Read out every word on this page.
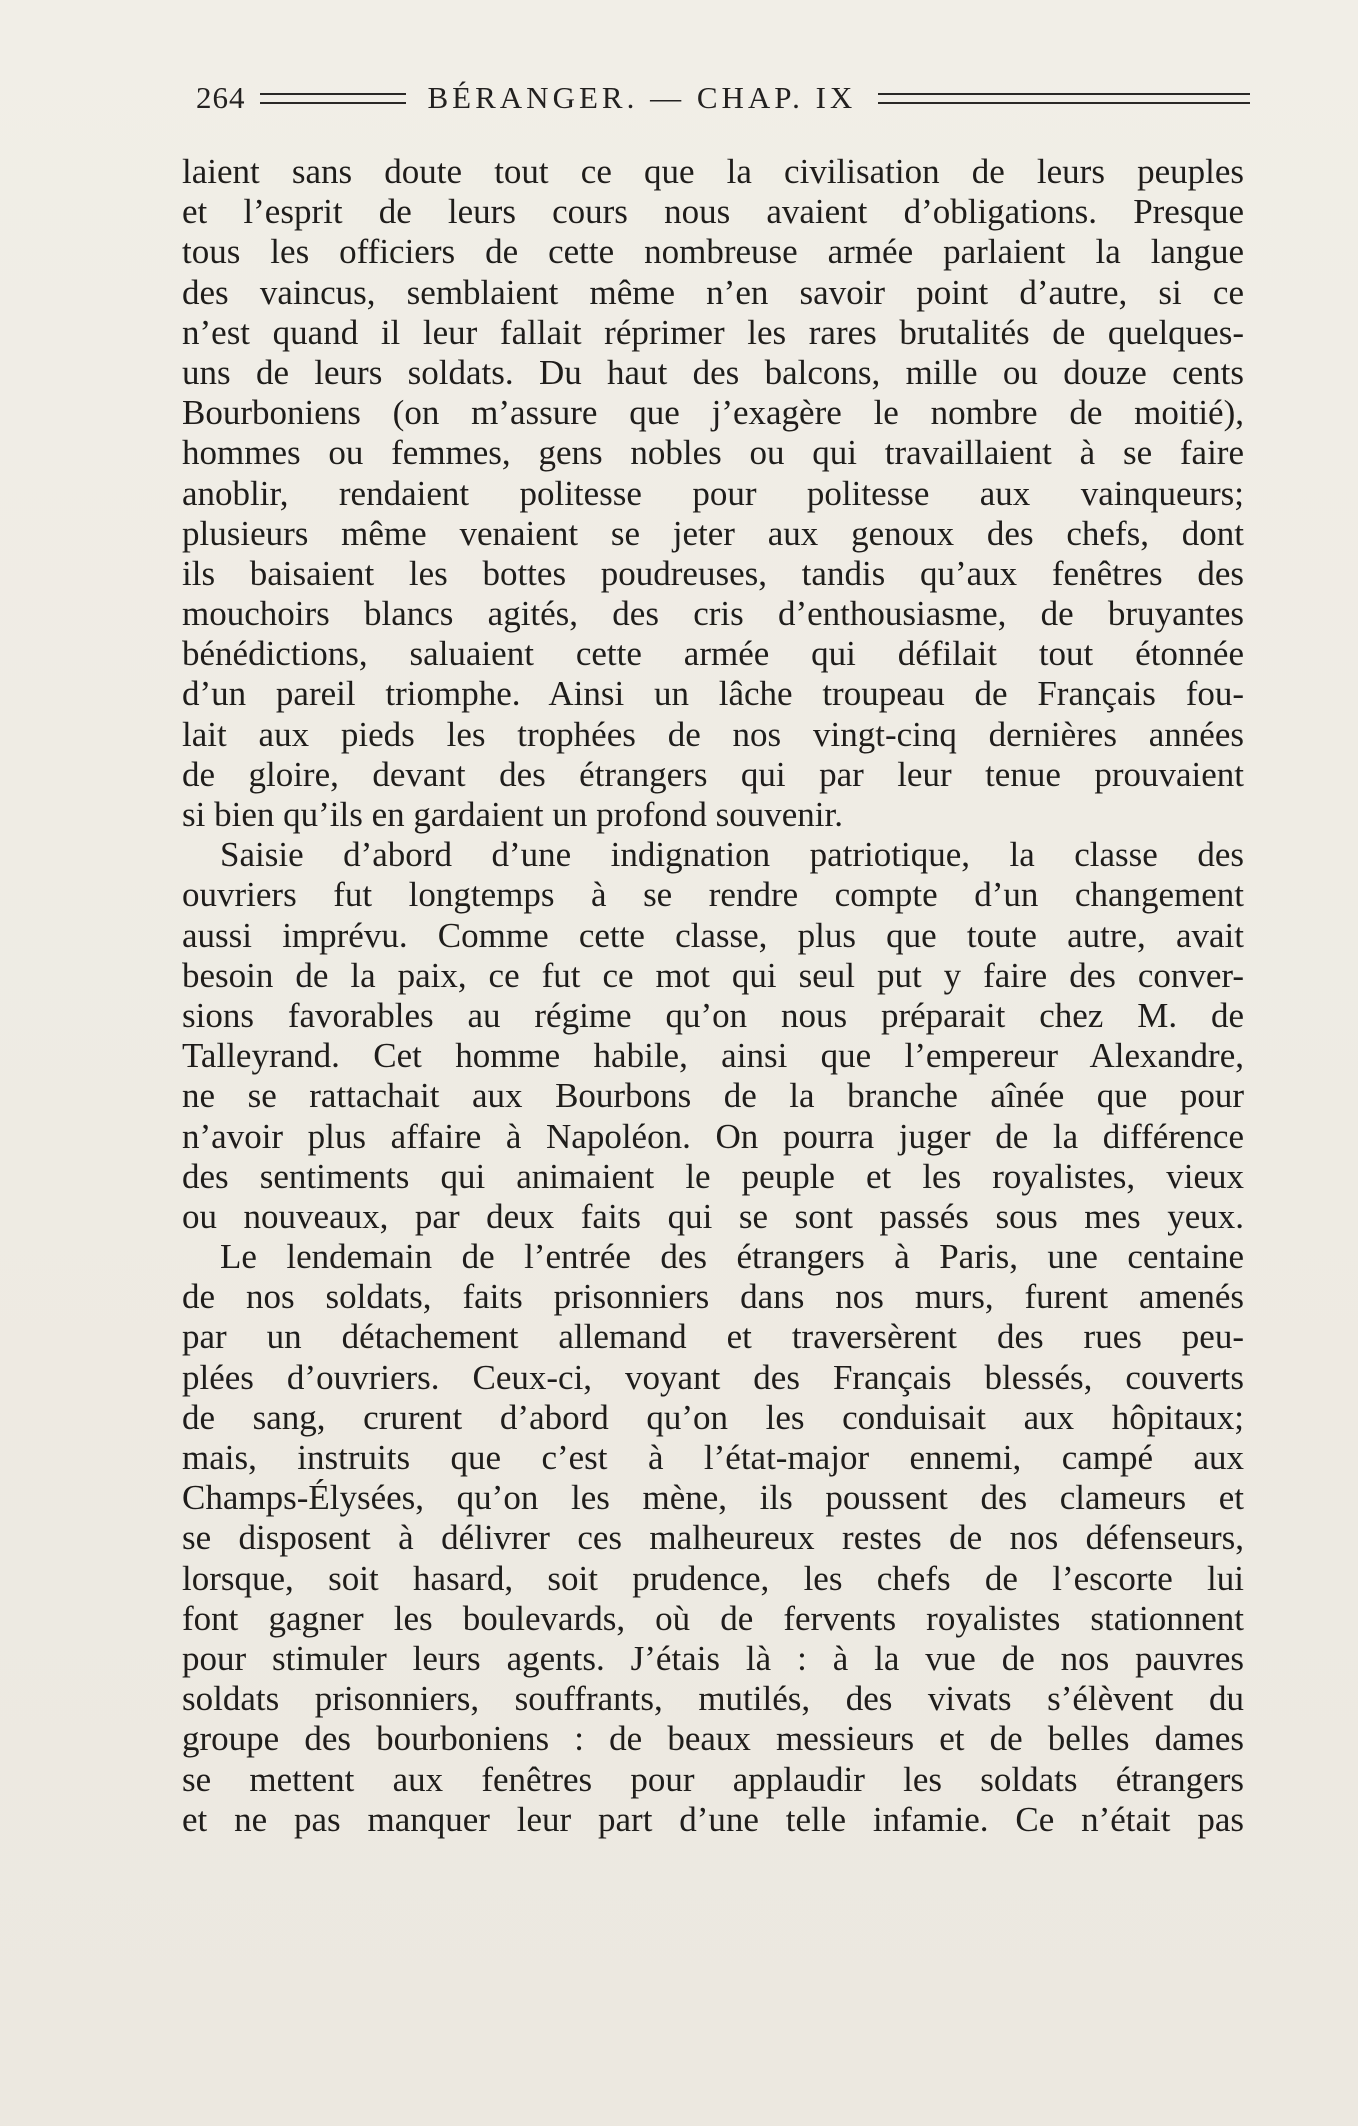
264	BÉRANGER. — CHAP. IX
laient sans doute tout ce que la civilisation de leurs peuples
et l’esprit de leurs cours nous avaient d’obligations. Presque
tous les officiers de cette nombreuse armée parlaient la langue
des vaincus, semblaient même n’en savoir point d’autre, si ce
n’est quand il leur fallait réprimer les rares brutalités de quelques-
uns de leurs soldats. Du haut des balcons, mille ou douze cents
Bourboniens (on m’assure que j’exagère le nombre de moitié),
hommes ou femmes, gens nobles ou qui travaillaient à se faire
anoblir, rendaient politesse pour politesse aux vainqueurs;
plusieurs même venaient se jeter aux genoux des chefs, dont
ils baisaient les bottes poudreuses, tandis qu’aux fenêtres des
mouchoirs blancs agités, des cris d’enthousiasme, de bruyantes
bénédictions, saluaient cette armée qui défilait tout étonnée
d’un pareil triomphe. Ainsi un lâche troupeau de Français fou-
lait aux pieds les trophées de nos vingt-cinq dernières années
de gloire, devant des étrangers qui par leur tenue prouvaient
si bien qu’ils en gardaient un profond souvenir.
Saisie d’abord d’une indignation patriotique, la classe des
ouvriers fut longtemps à se rendre compte d’un changement
aussi imprévu. Comme cette classe, plus que toute autre, avait
besoin de la paix, ce fut ce mot qui seul put y faire des conver-
sions favorables au régime qu’on nous préparait chez M. de
Talleyrand. Cet homme habile, ainsi que l’empereur Alexandre,
ne se rattachait aux Bourbons de la branche aînée que pour
n’avoir plus affaire à Napoléon. On pourra juger de la différence
des sentiments qui animaient le peuple et les royalistes, vieux
ou nouveaux, par deux faits qui se sont passés sous mes yeux.
Le lendemain de l’entrée des étrangers à Paris, une centaine
de nos soldats, faits prisonniers dans nos murs, furent amenés
par un détachement allemand et traversèrent des rues peu-
plées d’ouvriers. Ceux-ci, voyant des Français blessés, couverts
de sang, crurent d’abord qu’on les conduisait aux hôpitaux;
mais, instruits que c’est à l’état-major ennemi, campé aux
Champs-Élysées, qu’on les mène, ils poussent des clameurs et
se disposent à délivrer ces malheureux restes de nos défenseurs,
lorsque, soit hasard, soit prudence, les chefs de l’escorte lui
font gagner les boulevards, où de fervents royalistes stationnent
pour stimuler leurs agents. J’étais là : à la vue de nos pauvres
soldats prisonniers, souffrants, mutilés, des vivats s’élèvent du
groupe des bourboniens : de beaux messieurs et de belles dames
se mettent aux fenêtres pour applaudir les soldats étrangers
et ne pas manquer leur part d’une telle infamie. Ce n’était pas
